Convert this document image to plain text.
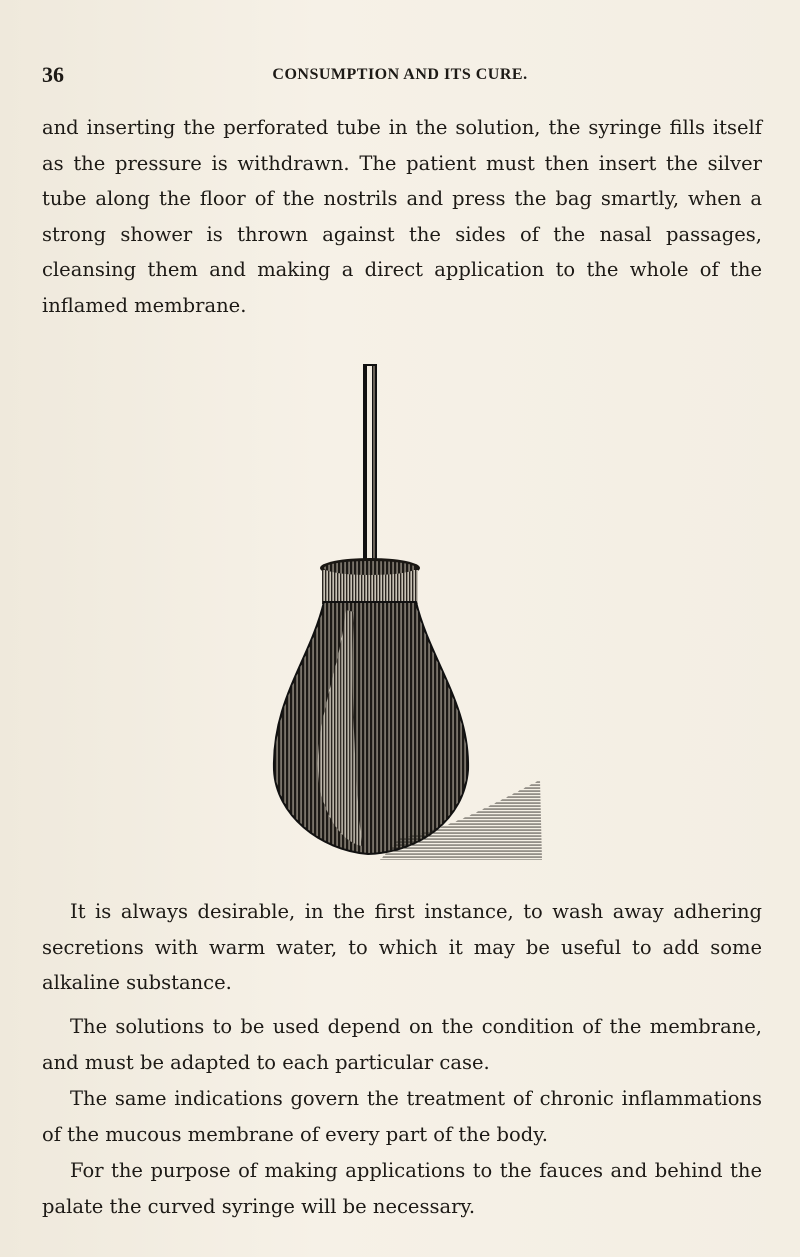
36	CONSUMPTION AND ITS CURE.

and inserting the perforated tube in the solution, the syringe fills itself as the pressure is withdrawn. The patient must then insert the silver tube along the floor of the nostrils and press the bag smartly, when a strong shower is thrown against the sides of the nasal passages, cleansing them and making a direct application to the whole of the inflamed membrane.

It is always desirable, in the first instance, to wash away adhering secretions with warm water, to which it may be useful to add some alkaline substance.

The solutions to be used depend on the condition of the membrane, and must be adapted to each particular case.

The same indications govern the treatment of chronic inflammations of the mucous membrane of every part of the body.

For the purpose of making applications to the fauces and behind the palate the curved syringe will be necessary.
